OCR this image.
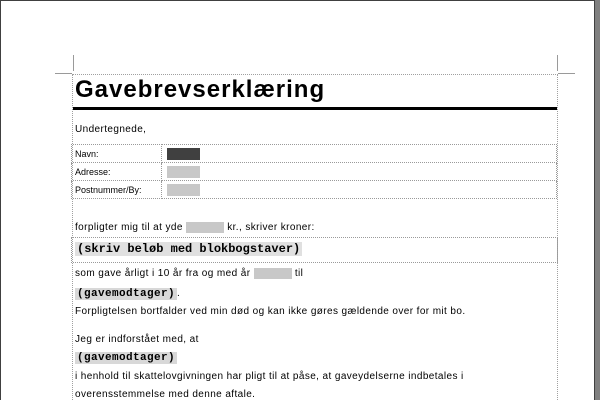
Gavebrevserklæring
Undertegnede,
Navn:	
Adresse:	
Postnummer/By:	
forpligter mig til at yde	kr., skriver kroner:
(skriv beløb med blokbogstaver)
som gave årligt i 10 år fra og med år	til
(gavemodtager) .
Forpligtelsen bortfalder ved min død og kan ikke gøres gældende over for mit bo.
Jeg er indforstået med, at
(gavemodtager)
i henhold til skattelovgivningen har pligt til at påse, at gaveydelserne indbetales i
overensstemmelse med denne aftale.
